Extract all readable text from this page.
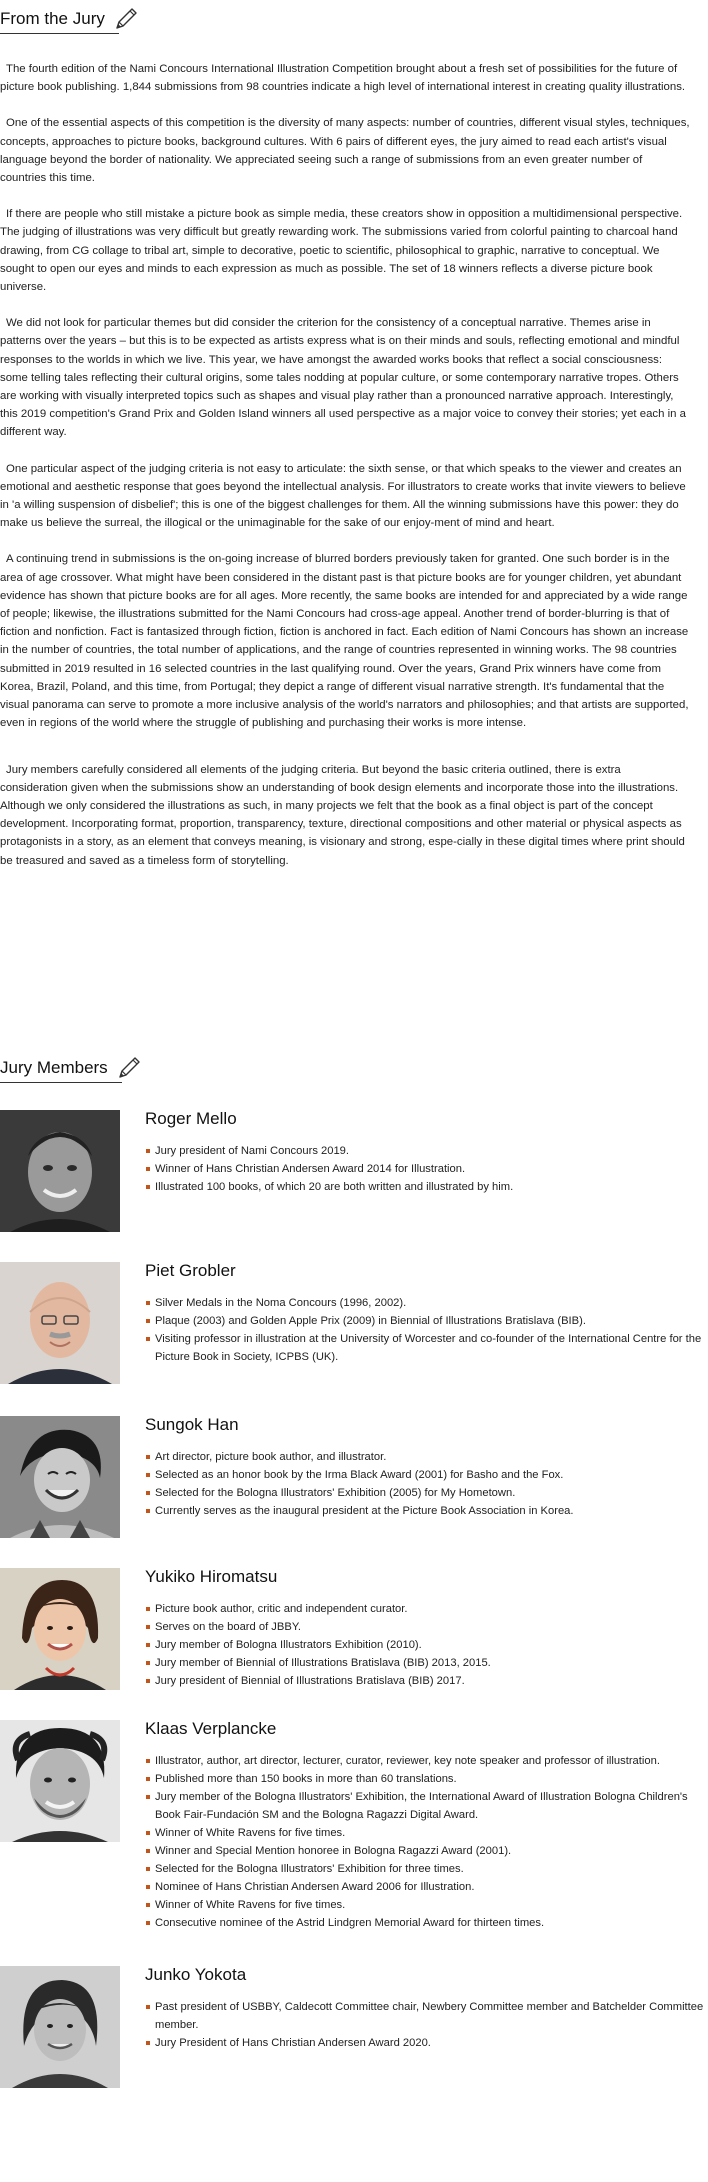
From the Jury

The fourth edition of the Nami Concours International Illustration Competition brought about a fresh set of possibilities for the future of picture book publishing. 1,844 submissions from 98 countries indicate a high level of international interest in creating quality illustrations.

One of the essential aspects of this competition is the diversity of many aspects: number of countries, different visual styles, techniques, concepts, approaches to picture books, background cultures. With 6 pairs of different eyes, the jury aimed to read each artist's visual language beyond the border of nationality. We appreciated seeing such a range of submissions from an even greater number of countries this time.

If there are people who still mistake a picture book as simple media, these creators show in opposition a multidimensional perspective. The judging of illustrations was very difficult but greatly rewarding work. The submissions varied from colorful painting to charcoal hand drawing, from CG collage to tribal art, simple to decorative, poetic to scientific, philosophical to graphic, narrative to conceptual. We sought to open our eyes and minds to each expression as much as possible. The set of 18 winners reflects a diverse picture book universe.

We did not look for particular themes but did consider the criterion for the consistency of a conceptual narrative. Themes arise in patterns over the years – but this is to be expected as artists express what is on their minds and souls, reflecting emotional and mindful responses to the worlds in which we live. This year, we have amongst the awarded works books that reflect a social consciousness: some telling tales reflecting their cultural origins, some tales nodding at popular culture, or some contemporary narrative tropes. Others are working with visually interpreted topics such as shapes and visual play rather than a pronounced narrative approach. Interestingly, this 2019 competition's Grand Prix and Golden Island winners all used perspective as a major voice to convey their stories; yet each in a different way.

One particular aspect of the judging criteria is not easy to articulate: the sixth sense, or that which speaks to the viewer and creates an emotional and aesthetic response that goes beyond the intellectual analysis. For illustrators to create works that invite viewers to believe in 'a willing suspension of disbelief'; this is one of the biggest challenges for them. All the winning submissions have this power: they do make us believe the surreal, the illogical or the unimaginable for the sake of our enjoy-ment of mind and heart.

A continuing trend in submissions is the on-going increase of blurred borders previously taken for granted. One such border is in the area of age crossover. What might have been considered in the distant past is that picture books are for younger children, yet abundant evidence has shown that picture books are for all ages. More recently, the same books are intended for and appreciated by a wide range of people; likewise, the illustrations submitted for the Nami Concours had cross-age appeal. Another trend of border-blurring is that of fiction and nonfiction. Fact is fantasized through fiction, fiction is anchored in fact. Each edition of Nami Concours has shown an increase in the number of countries, the total number of applications, and the range of countries represented in winning works. The 98 countries submitted in 2019 resulted in 16 selected countries in the last qualifying round. Over the years, Grand Prix winners have come from Korea, Brazil, Poland, and this time, from Portugal; they depict a range of different visual narrative strength. It's fundamental that the visual panorama can serve to promote a more inclusive analysis of the world's narrators and philosophies; and that artists are supported, even in regions of the world where the struggle of publishing and purchasing their works is more intense.

Jury members carefully considered all elements of the judging criteria. But beyond the basic criteria outlined, there is extra consideration given when the submissions show an understanding of book design elements and incorporate those into the illustrations. Although we only considered the illustrations as such, in many projects we felt that the book as a final object is part of the concept development. Incorporating format, proportion, transparency, texture, directional compositions and other material or physical aspects as protagonists in a story, as an element that conveys meaning, is visionary and strong, espe-cially in these digital times where print should be treasured and saved as a timeless form of storytelling.

Jury Members
Roger Mello
Jury president of Nami Concours 2019.
Winner of Hans Christian Andersen Award 2014 for Illustration.
Illustrated 100 books, of which 20 are both written and illustrated by him.
Piet Grobler
Silver Medals in the Noma Concours (1996, 2002).
Plaque (2003) and Golden Apple Prix (2009) in Biennial of Illustrations Bratislava (BIB).
Visiting professor in illustration at the University of Worcester and co-founder of the International Centre for the Picture Book in Society, ICPBS (UK).
Sungok Han
Art director, picture book author, and illustrator.
Selected as an honor book by the Irma Black Award (2001) for Basho and the Fox.
Selected for the Bologna Illustrators' Exhibition (2005) for My Hometown.
Currently serves as the inaugural president at the Picture Book Association in Korea.
Yukiko Hiromatsu
Picture book author, critic and independent curator.
Serves on the board of JBBY.
Jury member of Bologna Illustrators Exhibition (2010).
Jury member of Biennial of Illustrations Bratislava (BIB) 2013, 2015.
Jury president of Biennial of Illustrations Bratislava (BIB) 2017.
Klaas Verplancke
Illustrator, author, art director, lecturer, curator, reviewer, key note speaker and professor of illustration.
Published more than 150 books in more than 60 translations.
Jury member of the Bologna Illustrators' Exhibition, the International Award of Illustration Bologna Children's Book Fair-Fundación SM and the Bologna Ragazzi Digital Award.
Winner of White Ravens for five times.
Winner and Special Mention honoree in Bologna Ragazzi Award (2001).
Selected for the Bologna Illustrators' Exhibition for three times.
Nominee of Hans Christian Andersen Award 2006 for Illustration.
Winner of White Ravens for five times.
Consecutive nominee of the Astrid Lindgren Memorial Award for thirteen times.
Junko Yokota
Past president of USBBY, Caldecott Committee chair, Newbery Committee member and Batchelder Committee member.
Jury President of Hans Christian Andersen Award 2020.
